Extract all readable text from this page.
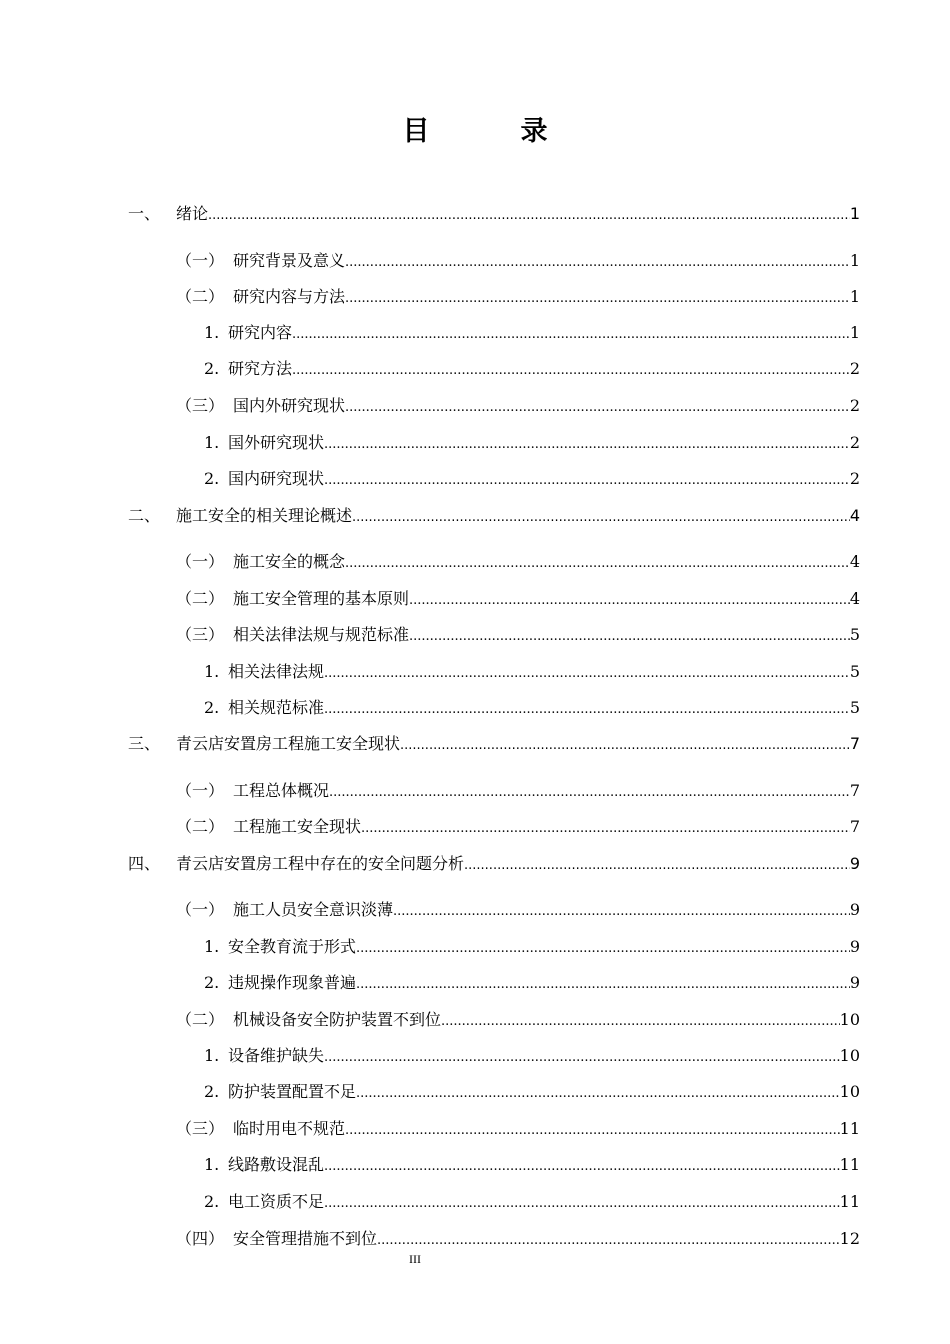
目　录
一、 绪论 .....	1
（一） 研究背景及意义 .....	1
（二） 研究内容与方法 .....	1
1. 研究内容 .....	1
2. 研究方法 .....	2
（三） 国内外研究现状 .....	2
1. 国外研究现状 .....	2
2. 国内研究现状 .....	2
二、 施工安全的相关理论概述 .....	4
（一） 施工安全的概念 .....	4
（二） 施工安全管理的基本原则 .....	4
（三） 相关法律法规与规范标准 .....	5
1. 相关法律法规 .....	5
2. 相关规范标准 .....	5
三、 青云店安置房工程施工安全现状 .....	7
（一） 工程总体概况 .....	7
（二） 工程施工安全现状 .....	7
四、 青云店安置房工程中存在的安全问题分析 .....	9
（一） 施工人员安全意识淡薄 .....	9
1. 安全教育流于形式 .....	9
2. 违规操作现象普遍 .....	9
（二） 机械设备安全防护装置不到位 .....	10
1. 设备维护缺失 .....	10
2. 防护装置配置不足 .....	10
（三） 临时用电不规范 .....	11
1. 线路敷设混乱 .....	11
2. 电工资质不足 .....	11
（四） 安全管理措施不到位 .....	12
III
